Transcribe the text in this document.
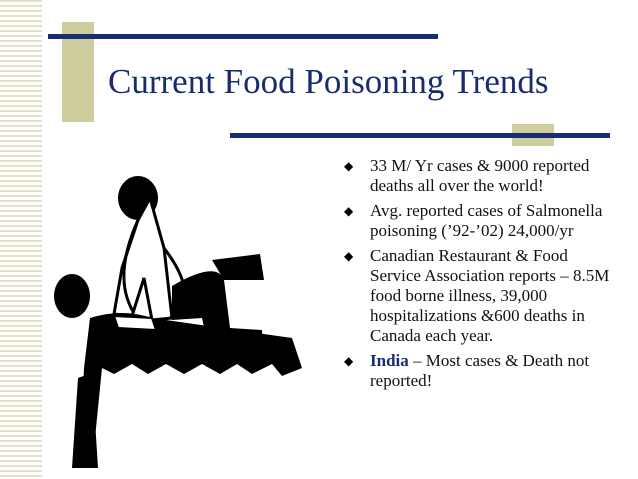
Current Food Poisoning Trends
◆ 33 M/ Yr cases & 9000 reported deaths all over the world!
◆ Avg. reported cases of Salmonella poisoning (’92-’02) 24,000/yr
◆ Canadian Restaurant & Food Service Association reports – 8.5M food borne illness, 39,000 hospitalizations &600 deaths in Canada each year.
◆ India – Most cases & Death not reported!
